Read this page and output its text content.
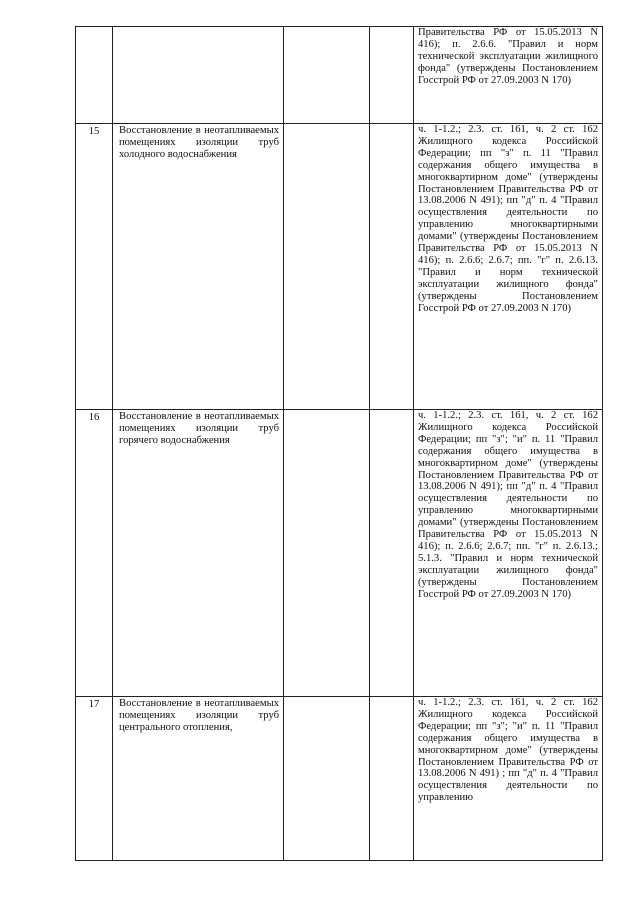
				Правительства РФ от 15.05.2013 N 416); п. 2.6.6. "Правил и норм технической эксплуатации жилищного фонда" (утверждены Постановлением Госстрой РФ от 27.09.2003 N 170)

15	Восстановление в неотапливаемых помещениях изоляции труб холодного водоснабжения			ч. 1-1.2.; 2.3. ст. 161, ч. 2 ст. 162 Жилищного кодекса Российской Федерации; пп "з" п. 11 "Правил содержания общего имущества в многоквартирном доме" (утверждены Постановлением Правительства РФ от 13.08.2006 N 491); пп "д" п. 4 "Правил осуществления деятельности по управлению многоквартирными домами" (утверждены Постановлением Правительства РФ от 15.05.2013 N 416); п. 2.6.6; 2.6.7; пп. "г" п. 2.6.13. "Правил и норм технической эксплуатации жилищного фонда" (утверждены Постановлением Госстрой РФ от 27.09.2003 N 170)

16	Восстановление в неотапливаемых помещениях изоляции труб горячего водоснабжения			ч. 1-1.2.; 2.3. ст. 161, ч. 2 ст. 162 Жилищного кодекса Российской Федерации; пп "з"; "и" п. 11 "Правил содержания общего имущества в многоквартирном доме" (утверждены Постановлением Правительства РФ от 13.08.2006 N 491); пп "д" п. 4 "Правил осуществления деятельности по управлению многоквартирными домами" (утверждены Постановлением Правительства РФ от 15.05.2013 N 416); п. 2.6.6; 2.6.7; пп. "г" п. 2.6.13.; 5.1.3. "Правил и норм технической эксплуатации жилищного фонда" (утверждены Постановлением Госстрой РФ от 27.09.2003 N 170)

17	Восстановление в неотапливаемых помещениях изоляции труб центрального отопления,			ч. 1-1.2.; 2.3. ст. 161, ч. 2 ст. 162 Жилищного кодекса Российской Федерации; пп "з"; "и" п. 11 "Правил содержания общего имущества в многоквартирном доме" (утверждены Постановлением Правительства РФ от 13.08.2006 N 491) ; пп "д" п. 4 "Правил осуществления деятельности по управлению
